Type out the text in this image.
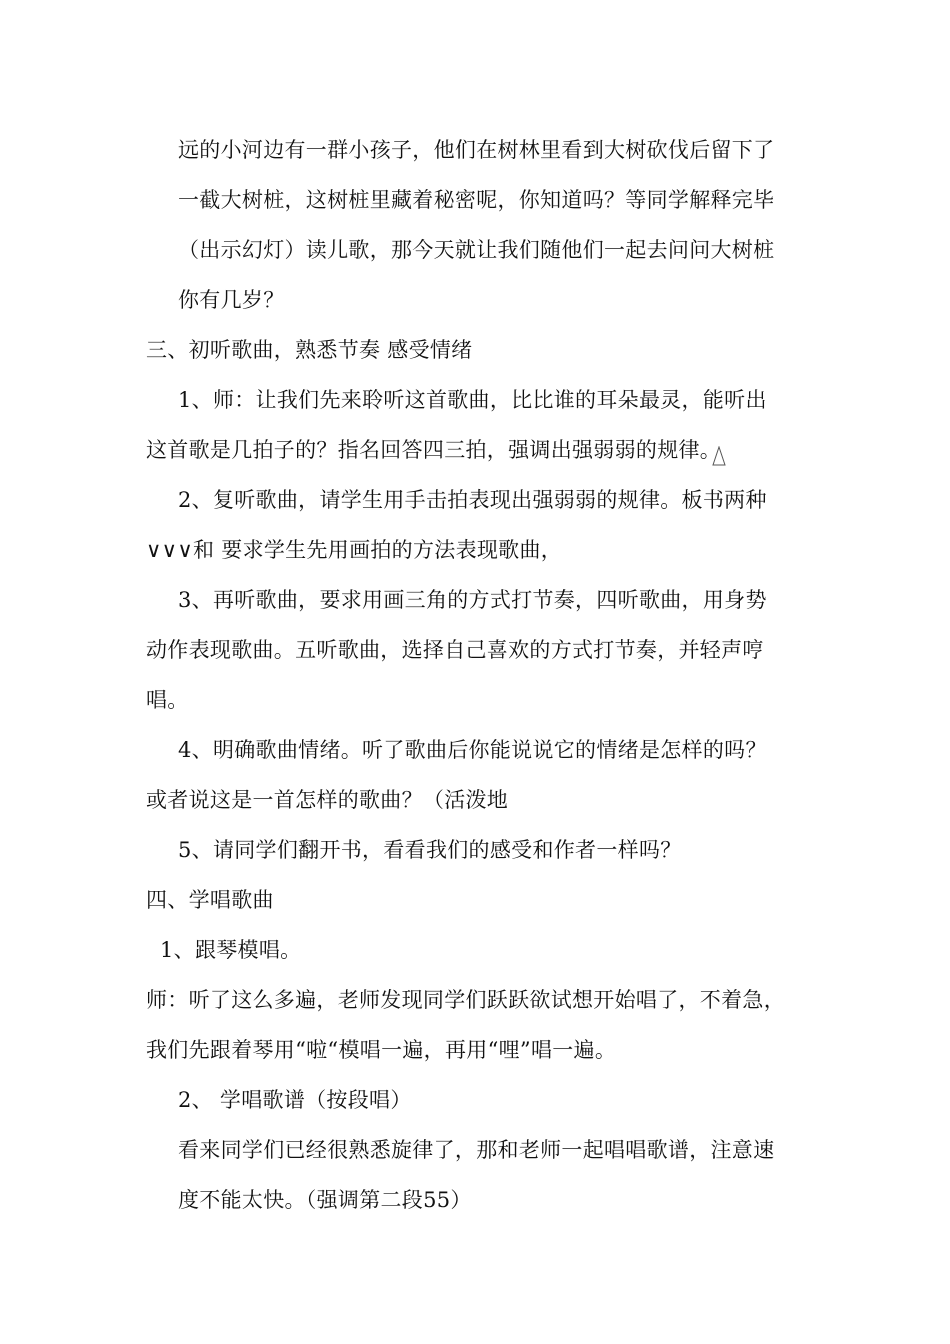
远的小河边有一群小孩子，他们在树林里看到大树砍伐后留下了
一截大树桩，这树桩里藏着秘密呢，你知道吗？等同学解释完毕
（出示幻灯）读儿歌，那今天就让我们随他们一起去问问大树桩
你有几岁？
三、初听歌曲，熟悉节奏 感受情绪
1、师：让我们先来聆听这首歌曲，比比谁的耳朵最灵，能听出
这首歌是几拍子的？指名回答四三拍，强调出强弱弱的规律。
2、复听歌曲，请学生用手击拍表现出强弱弱的规律。板书两种
∨∨∨和 要求学生先用画拍的方法表现歌曲，
3、再听歌曲，要求用画三角的方式打节奏，四听歌曲，用身势
动作表现歌曲。五听歌曲，选择自己喜欢的方式打节奏，并轻声哼
唱。
4、明确歌曲情绪。听了歌曲后你能说说它的情绪是怎样的吗？
或者说这是一首怎样的歌曲？（活泼地
5、请同学们翻开书，看看我们的感受和作者一样吗？
四、学唱歌曲
1、跟琴模唱。
师：听了这么多遍，老师发现同学们跃跃欲试想开始唱了，不着急，
我们先跟着琴用“啦“模唱一遍，再用“哩”唱一遍。
2、 学唱歌谱（按段唱）
看来同学们已经很熟悉旋律了，那和老师一起唱唱歌谱，注意速
度不能太快。（强调第二段55）
